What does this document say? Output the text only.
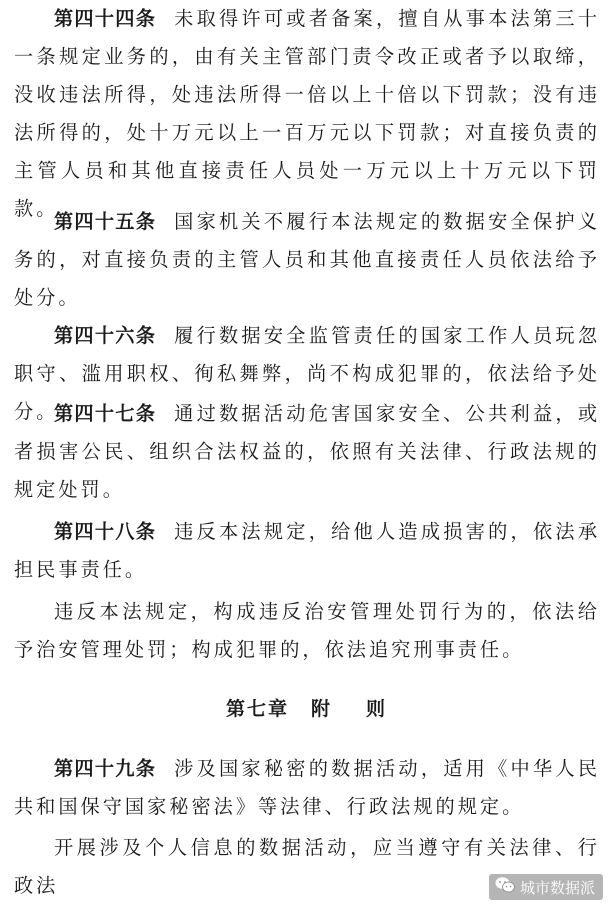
第四十四条 未取得许可或者备案，擅自从事本法第三十一条规定业务的，由有关主管部门责令改正或者予以取缔，没收违法所得，处违法所得一倍以上十倍以下罚款；没有违法所得的，处十万元以上一百万元以下罚款；对直接负责的主管人员和其他直接责任人员处一万元以上十万元以下罚款。

第四十五条 国家机关不履行本法规定的数据安全保护义务的，对直接负责的主管人员和其他直接责任人员依法给予处分。

第四十六条 履行数据安全监管责任的国家工作人员玩忽职守、滥用职权、徇私舞弊，尚不构成犯罪的，依法给予处分。

第四十七条 通过数据活动危害国家安全、公共利益，或者损害公民、组织合法权益的，依照有关法律、行政法规的规定处罚。

第四十八条 违反本法规定，给他人造成损害的，依法承担民事责任。

违反本法规定，构成违反治安管理处罚行为的，依法给予治安管理处罚；构成犯罪的，依法追究刑事责任。

第七章 附 则

第四十九条 涉及国家秘密的数据活动，适用《中华人民共和国保守国家秘密法》等法律、行政法规的规定。

开展涉及个人信息的数据活动，应当遵守有关法律、行政法	城市数据派
